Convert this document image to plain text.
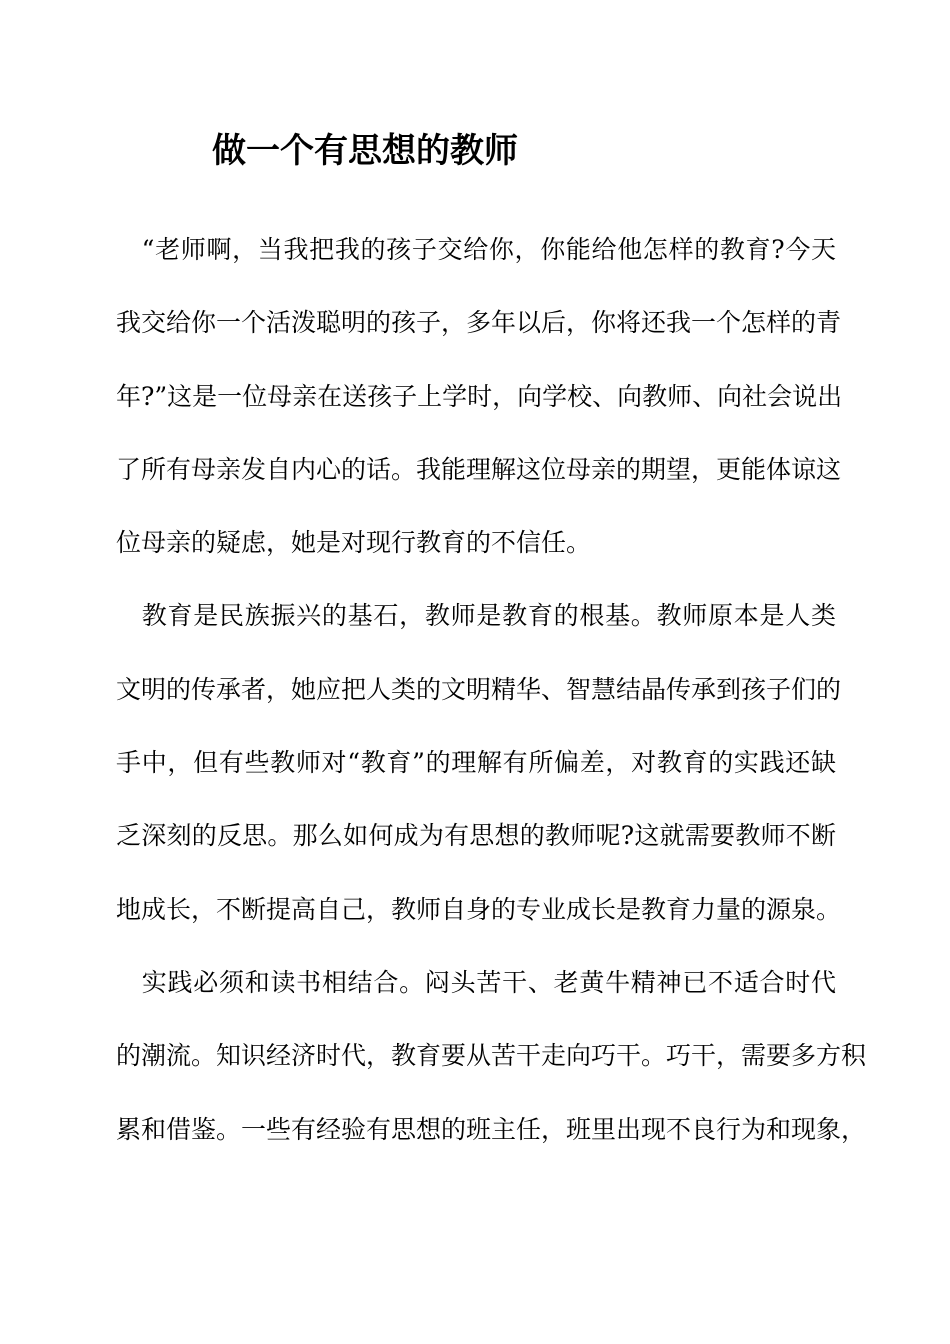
做一个有思想的教师
　“老师啊，当我把我的孩子交给你，你能给他怎样的教育?今天
我交给你一个活泼聪明的孩子，多年以后，你将还我一个怎样的青
年?”这是一位母亲在送孩子上学时，向学校、向教师、向社会说出
了所有母亲发自内心的话。我能理解这位母亲的期望，更能体谅这
位母亲的疑虑，她是对现行教育的不信任。
　教育是民族振兴的基石，教师是教育的根基。教师原本是人类
文明的传承者，她应把人类的文明精华、智慧结晶传承到孩子们的
手中，但有些教师对“教育”的理解有所偏差，对教育的实践还缺
乏深刻的反思。那么如何成为有思想的教师呢?这就需要教师不断
地成长，不断提高自己，教师自身的专业成长是教育力量的源泉。
　实践必须和读书相结合。闷头苦干、老黄牛精神已不适合时代
的潮流。知识经济时代，教育要从苦干走向巧干。巧干，需要多方积
累和借鉴。一些有经验有思想的班主任，班里出现不良行为和现象，
